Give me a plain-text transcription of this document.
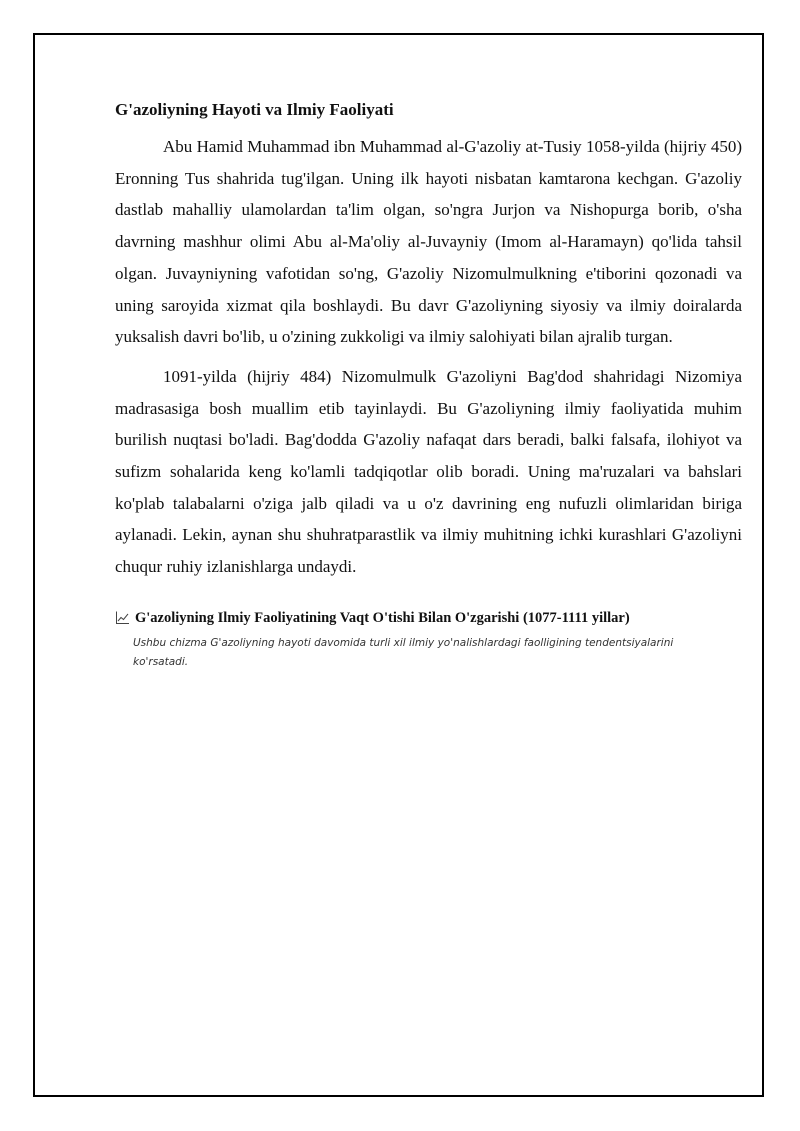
G'azoliyning Hayoti va Ilmiy Faoliyati

Abu Hamid Muhammad ibn Muhammad al-G'azoliy at-Tusiy 1058-yilda (hijriy 450) Eronning Tus shahrida tug'ilgan. Uning ilk hayoti nisbatan kamtarona kechgan. G'azoliy dastlab mahalliy ulamolardan ta'lim olgan, so'ngra Jurjon va Nishopurga borib, o'sha davrning mashhur olimi Abu al-Ma'oliy al-Juvayniy (Imom al-Haramayn) qo'lida tahsil olgan. Juvayniyning vafotidan so'ng, G'azoliy Nizomulmulkning e'tiborini qozonadi va uning saroyida xizmat qila boshlaydi. Bu davr G'azoliyning siyosiy va ilmiy doiralarda yuksalish davri bo'lib, u o'zining zukkoligi va ilmiy salohiyati bilan ajralib turgan.

1091-yilda (hijriy 484) Nizomulmulk G'azoliyni Bag'dod shahridagi Nizomiya madrasasiga bosh muallim etib tayinlaydi. Bu G'azoliyning ilmiy faoliyatida muhim burilish nuqtasi bo'ladi. Bag'dodda G'azoliy nafaqat dars beradi, balki falsafa, ilohiyot va sufizm sohalarida keng ko'lamli tadqiqotlar olib boradi. Uning ma'ruzalari va bahslari ko'plab talabalarni o'ziga jalb qiladi va u o'z davrining eng nufuzli olimlaridan biriga aylanadi. Lekin, aynan shu shuhratparastlik va ilmiy muhitning ichki kurashlari G'azoliyni chuqur ruhiy izlanishlarga undaydi.

G'azoliyning Ilmiy Faoliyatining Vaqt O'tishi Bilan O'zgarishi (1077-1111 yillar)
Ushbu chizma G'azoliyning hayoti davomida turli xil ilmiy yo'nalishlardagi faolligining tendentsiyalarini ko'rsatadi.
